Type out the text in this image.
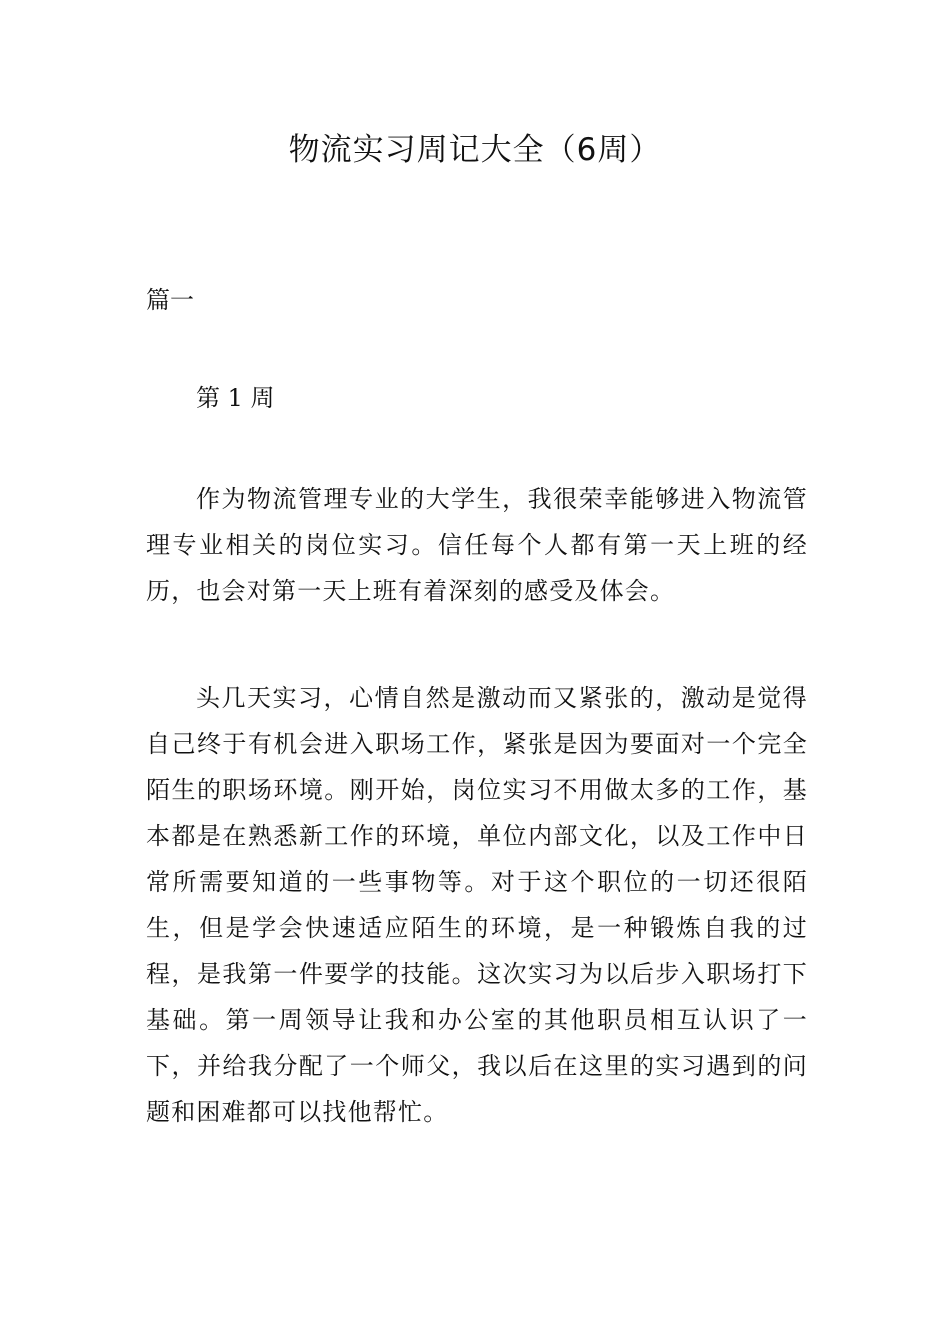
物流实习周记大全（6周）

篇一

第 1 周

作为物流管理专业的大学生，我很荣幸能够进入物流管理专业相关的岗位实习。信任每个人都有第一天上班的经历，也会对第一天上班有着深刻的感受及体会。

头几天实习，心情自然是激动而又紧张的，激动是觉得自己终于有机会进入职场工作，紧张是因为要面对一个完全陌生的职场环境。刚开始，岗位实习不用做太多的工作，基本都是在熟悉新工作的环境，单位内部文化，以及工作中日常所需要知道的一些事物等。对于这个职位的一切还很陌生，但是学会快速适应陌生的环境，是一种锻炼自我的过程，是我第一件要学的技能。这次实习为以后步入职场打下基础。第一周领导让我和办公室的其他职员相互认识了一下，并给我分配了一个师父，我以后在这里的实习遇到的问题和困难都可以找他帮忙。
